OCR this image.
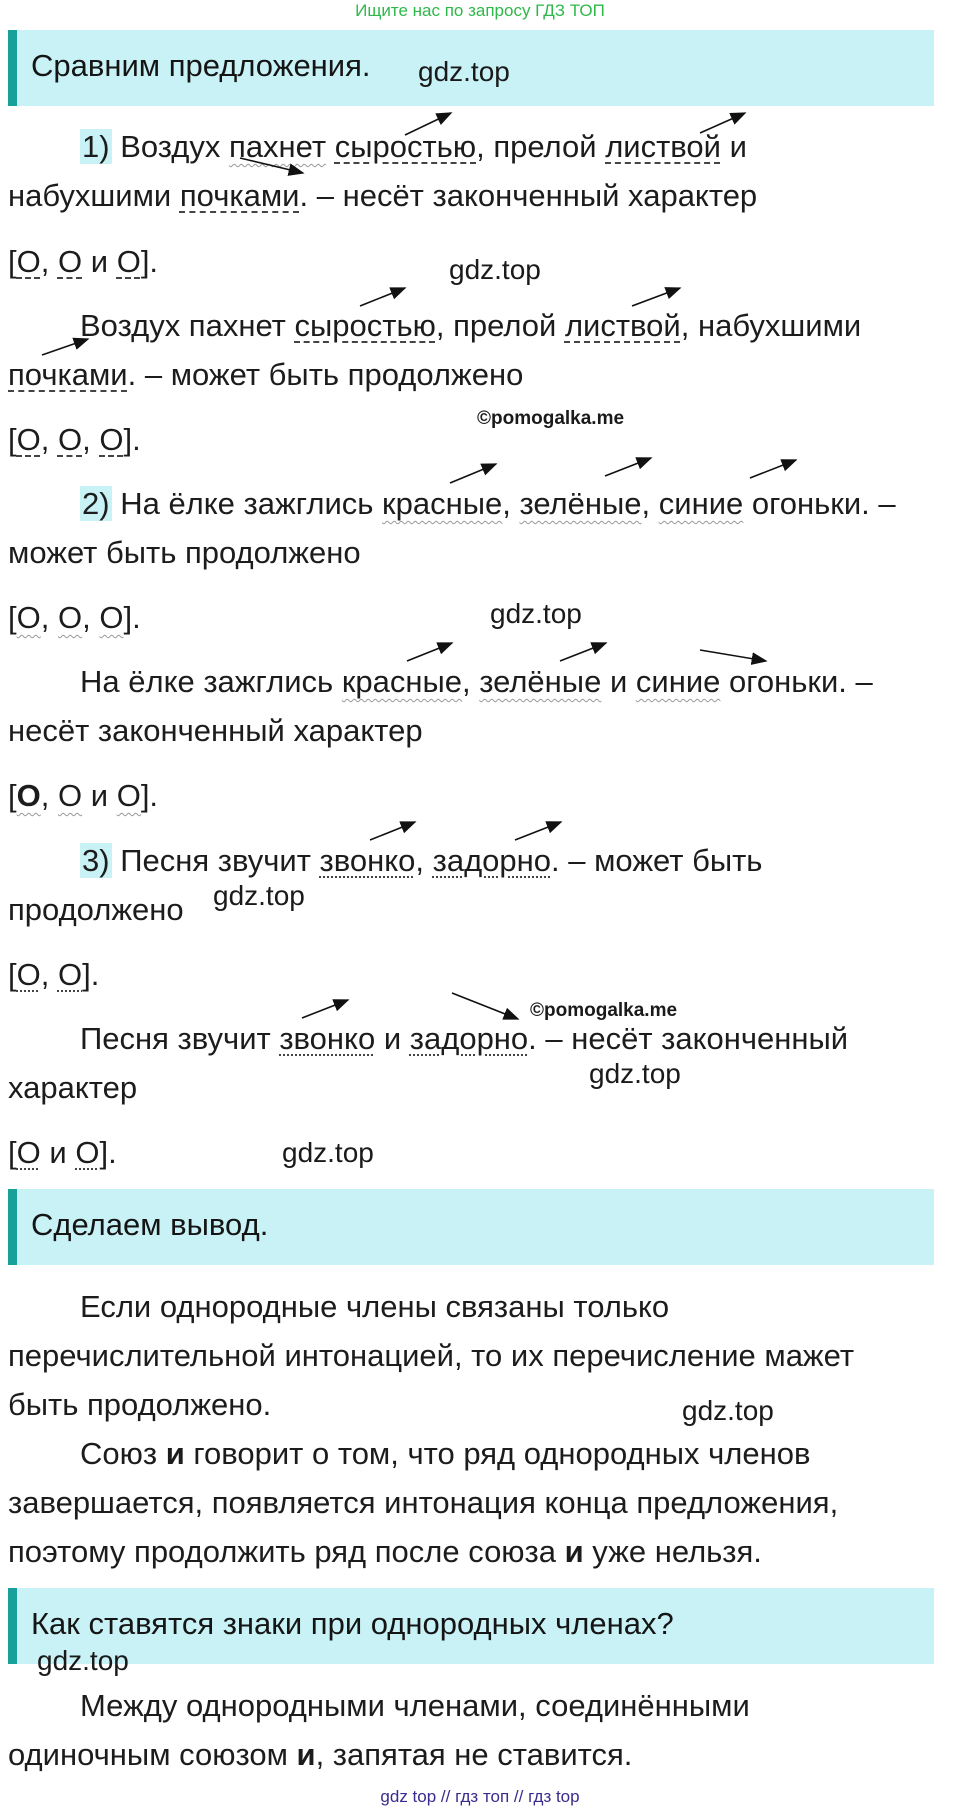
Ищите нас по запросу ГДЗ ТОП
Сравним предложения. gdz.top
1) Воздух пахнет сыростью, прелой листвой и
набухшими почками. – несёт законченный характер
[О, О и О].	gdz.top
Воздух пахнет сыростью, прелой листвой, набухшими
почками. – может быть продолжено
©pomogalka.me
[О, О, О].
2) На ёлке зажглись красные, зелёные, синие огоньки. –
может быть продолжено
[О, О, О].	gdz.top
На ёлке зажглись красные, зелёные и синие огоньки. –
несёт законченный характер
[О, О и О].
3) Песня звучит звонко, задорно. – может быть
продолжено gdz.top
[О, О].
©pomogalka.me
Песня звучит звонко и задорно. – несёт законченный
характер	gdz.top
[О и О].	gdz.top
Сделаем вывод.
Если однородные члены связаны только
перечислительной интонацией, то их перечисление мажет
быть продолжено.	gdz.top
Союз и говорит о том, что ряд однородных членов
завершается, появляется интонация конца предложения,
поэтому продолжить ряд после союза и уже нельзя.
Как ставятся знаки при однородных членах?
gdz.top
Между однородными членами, соединёнными
одиночным союзом и, запятая не ставится.
gdz top // гдз топ // гдз top
